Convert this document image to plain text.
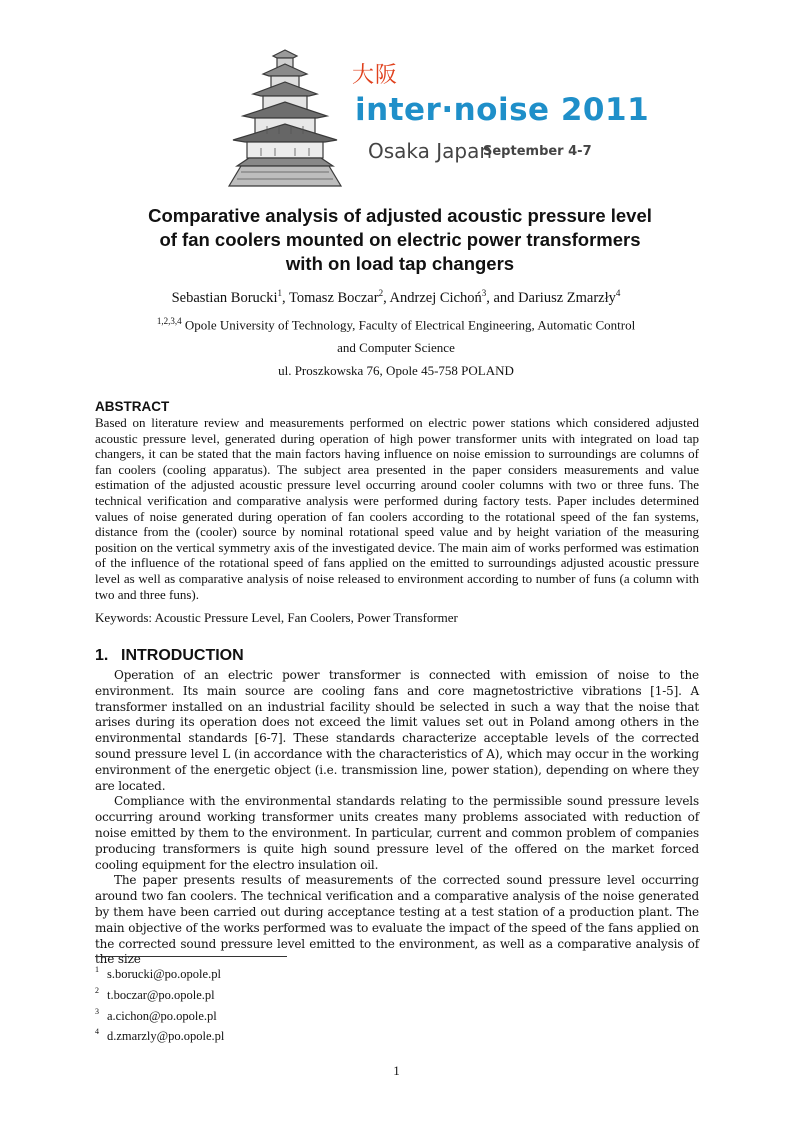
大阪
inter·noise 2011
Osaka Japan
September 4-7
Comparative analysis of adjusted acoustic pressure level
of fan coolers mounted on electric power transformers
with on load tap changers
Sebastian Borucki$^1$, Tomasz Boczar$^2$, Andrzej Cichoń$^3$, and Dariusz Zmarzły$^4$
$^{1,2,3,4}$ Opole University of Technology, Faculty of Electrical Engineering, Automatic Control
and Computer Science
ul. Proszkowska 76, Opole 45-758 POLAND
ABSTRACT

Based on literature review and measurements performed on electric power stations which considered adjusted acoustic pressure level, generated during operation of high power transformer units with integrated on load tap changers, it can be stated that the main factors having influence on noise emission to surroundings are columns of fan coolers (cooling apparatus). The subject area presented in the paper considers measurements and value estimation of the adjusted acoustic pressure level occurring around cooler columns with two or three funs. The technical verification and comparative analysis were performed during factory tests. Paper includes determined values of noise generated during operation of fan coolers according to the rotational speed of the fan systems, distance from the (cooler) source by nominal rotational speed value and by height variation of the measuring position on the vertical symmetry axis of the investigated device. The main aim of works performed was estimation of the influence of the rotational speed of fans applied on the emitted to surroundings adjusted acoustic pressure level as well as comparative analysis of noise released to environment according to number of funs (a column with two and three funs).

Keywords: Acoustic Pressure Level, Fan Coolers, Power Transformer
1. INTRODUCTION

Operation of an electric power transformer is connected with emission of noise to the environment. Its main source are cooling fans and core magnetostrictive vibrations [1-5]. A transformer installed on an industrial facility should be selected in such a way that the noise that arises during its operation does not exceed the limit values set out in Poland among others in the environmental standards [6-7]. These standards characterize acceptable levels of the corrected sound pressure level L (in accordance with the characteristics of A), which may occur in the working environment of the energetic object (i.e. transmission line, power station), depending on where they are located.

Compliance with the environmental standards relating to the permissible sound pressure levels occurring around working transformer units creates many problems associated with reduction of noise emitted by them to the environment. In particular, current and common problem of companies producing transformers is quite high sound pressure level of the offered on the market forced cooling equipment for the electro insulation oil.

The paper presents results of measurements of the corrected sound pressure level occurring around two fan coolers. The technical verification and a comparative analysis of the noise generated by them have been carried out during acceptance testing at a test station of a production plant. The main objective of the works performed was to evaluate the impact of the speed of the fans applied on the corrected sound pressure level emitted to the environment, as well as a comparative analysis of the size

$^1$ s.borucki@po.opole.pl
$^2$ t.boczar@po.opole.pl
$^3$ a.cichon@po.opole.pl
$^4$ d.zmarzly@po.opole.pl
1
